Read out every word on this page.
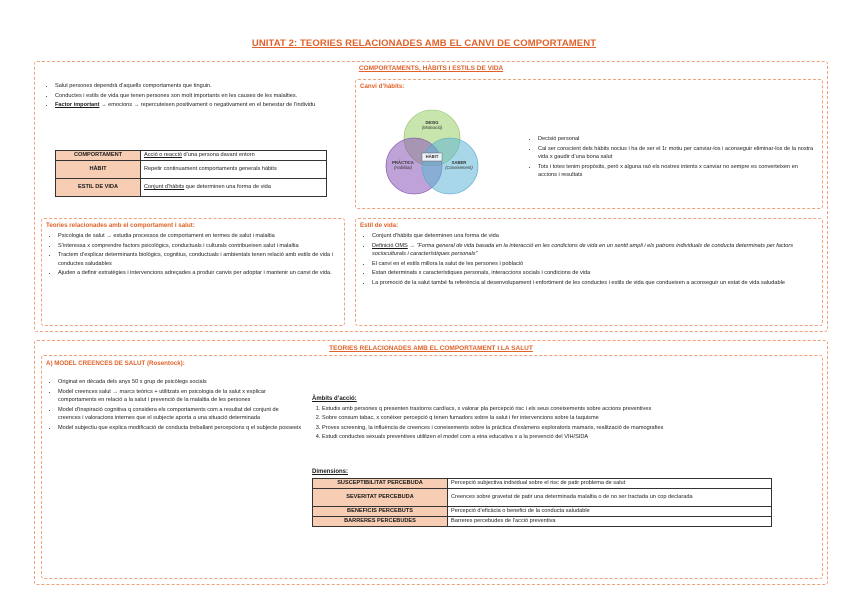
UNITAT 2: TEORIES RELACIONADES AMB EL CANVI DE COMPORTAMENT
COMPORTAMENTS, HÀBITS I ESTILS DE VIDA
• Salut persones dependrà d’aquells comportaments que tinguin.
• Conductes i estils de vida que tenen persones son molt importants en les causes de les malalties.
• Factor important → emocions → repercuteixen positivament o negativament en el benestar de l’individu
COMPORTAMENT	Acció o reacció d’una persona davant entorn
HÀBIT	Repetir continuament comportaments generals hàbits
ESTIL DE VIDA	Conjunt d’hàbits que determinen una forma de vida
Canvi d’hàbits:
DESIG
(Motivació)
PRÀCTICA
(Habilitat)
SABER
(Coneixement)
HÀBIT
• Decisió personal
• Cal ser conscient dels hàbits nocius i ha de ser el 1r motiu per canviar-los i aconseguir eliminar-los de la nostra vida x gaudir d’una bona salut
• Tots i totes tenim propòsits, però x alguna raó els nostres intents x canviar no sempre es converteixen en accions i resultats
Teories relacionades amb el comportament i salut:
• Psicologia de salut → estudia processos de comportament en termes de salut i malaltia
• S’interessa x comprendre factors psicològics, conductuals i culturals contribueixen salut i malaltia
• Tractem d’explicar determinants biològics, cognitius, conductuals i ambientals tenen relació amb estils de vida i conductes saludables
• Ajuden a definir estratègies i intervencions adreçades a produir canvis per adoptar i mantenir un canvi de vida.
Estil de vida:
• Conjunt d’hàbits que determinen una forma de vida
• Definició OMS → “Forma general de vida basada en la interacció en les condicions de vida en un sentit ampli i els patrons individuals de conducta determinats per factors socioculturals i característiques personals”
• El canvi en el estils millora la salut de les persones i població
• Estan determinats x característiques personals, interaccions socials i condicions de vida
• La promoció de la salut també fa referència al desenvolupament i enfortiment de les conductes i estils de vida que condueixen a aconseguir un estat de vida saludable
TEORIES RELACIONADES AMB EL COMPORTAMENT I LA SALUT
A) MODEL CREENCES DE SALUT (Rosentock):
• Originat en dècada dels anys 50 x grup de psicòlegs socials
• Model creences salut → marcs teòrics + utilitzats en psicologia de la salut x explicar comportaments en relació a la salut i prevenció de la malaltia de les persones
• Model d’inspiració cognitiva q considera els comportaments com a resultat del conjunt de creences i valoracions internes que el subjecte aporta a una situació determinada
• Model subjectiu que explica modificació de conducta treballant percepcions q el subjecte posseeix
Àmbits d’acció:
1. Estudis amb persones q presenten trastorns cardíacs, x valorar pla percepció risc i els seus coneixements sobre accions preventives
2. Sobre consum tabac, x conèixer percepció q tenen fumadors sobre la salut i fer intervencions sobre la taquisme
3. Proves screening, la influència de creences i coneixements sobre la pràctica d’exàmens exploratoris mamaris, realització de mamografies
4. Estudi conductes sexuals preventives utilitzen el model com a eina educativa x a la prevenció del VIH/SIDA
Dimensions:
SUSCEPTIBILITAT PERCEBUDA	Percepció subjectiva individual sobre el risc de patir problema de salut
SEVERITAT PERCEBUDA	Creences sobre gravetat de patir una determinada malaltia o de no ser tractada un cop declarada
BENEFICIS PERCEBUTS	Percepció d’eficàcia o benefici de la conducta saludable
BARRERES PERCEBUDES	Barreres percebudes de l’acció preventiva
